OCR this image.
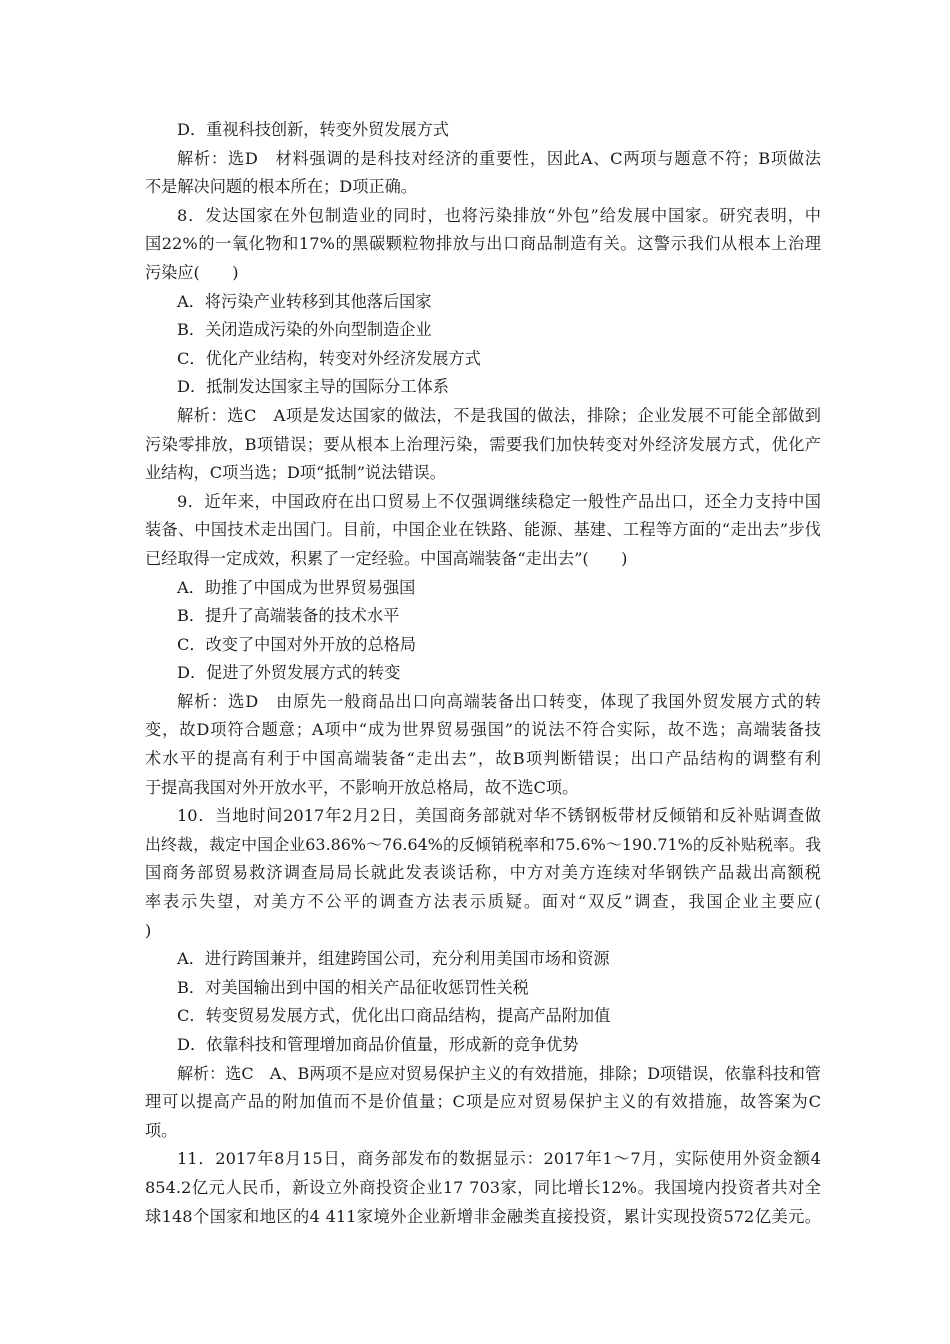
D．重视科技创新，转变外贸发展方式
解析：选D　材料强调的是科技对经济的重要性，因此A、C两项与题意不符；B项做法
不是解决问题的根本所在；D项正确。
8．发达国家在外包制造业的同时，也将污染排放“外包”给发展中国家。研究表明，中
国22%的一氧化物和17%的黑碳颗粒物排放与出口商品制造有关。这警示我们从根本上治理
污染应(　　)
A．将污染产业转移到其他落后国家
B．关闭造成污染的外向型制造企业
C．优化产业结构，转变对外经济发展方式
D．抵制发达国家主导的国际分工体系
解析：选C　A项是发达国家的做法，不是我国的做法，排除；企业发展不可能全部做到
污染零排放，B项错误；要从根本上治理污染，需要我们加快转变对外经济发展方式，优化产
业结构，C项当选；D项“抵制”说法错误。
9．近年来，中国政府在出口贸易上不仅强调继续稳定一般性产品出口，还全力支持中国
装备、中国技术走出国门。目前，中国企业在铁路、能源、基建、工程等方面的“走出去”步伐
已经取得一定成效，积累了一定经验。中国高端装备“走出去”(　　)
A．助推了中国成为世界贸易强国
B．提升了高端装备的技术水平
C．改变了中国对外开放的总格局
D．促进了外贸发展方式的转变
解析：选D　由原先一般商品出口向高端装备出口转变，体现了我国外贸发展方式的转
变，故D项符合题意；A项中“成为世界贸易强国”的说法不符合实际，故不选；高端装备技
术水平的提高有利于中国高端装备“走出去”，故B项判断错误；出口产品结构的调整有利
于提高我国对外开放水平，不影响开放总格局，故不选C项。
10．当地时间2017年2月2日，美国商务部就对华不锈钢板带材反倾销和反补贴调查做
出终裁，裁定中国企业63.86%～76.64%的反倾销税率和75.6%～190.71%的反补贴税率。我
国商务部贸易救济调查局局长就此发表谈话称，中方对美方连续对华钢铁产品裁出高额税
率表示失望，对美方不公平的调查方法表示质疑。面对“双反”调查，我国企业主要应(
)
A．进行跨国兼并，组建跨国公司，充分利用美国市场和资源
B．对美国输出到中国的相关产品征收惩罚性关税
C．转变贸易发展方式，优化出口商品结构，提高产品附加值
D．依靠科技和管理增加商品价值量，形成新的竞争优势
解析：选C　A、B两项不是应对贸易保护主义的有效措施，排除；D项错误，依靠科技和管
理可以提高产品的附加值而不是价值量；C项是应对贸易保护主义的有效措施，故答案为C
项。
11．2017年8月15日，商务部发布的数据显示：2017年1～7月，实际使用外资金额4
854.2亿元人民币，新设立外商投资企业17 703家，同比增长12%。我国境内投资者共对全
球148个国家和地区的4 411家境外企业新增非金融类直接投资，累计实现投资572亿美元。
